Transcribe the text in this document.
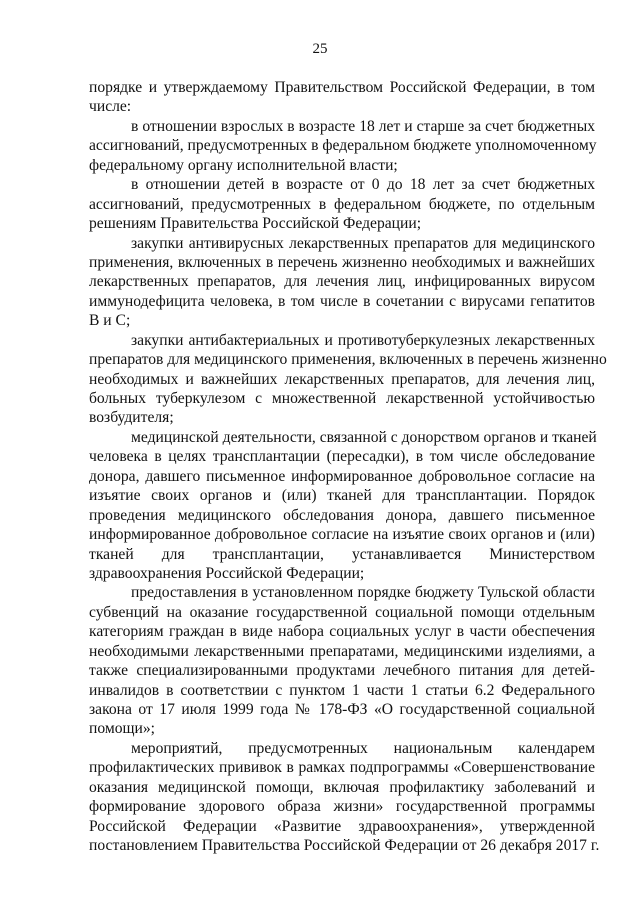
25
порядке и утверждаемому Правительством Российской Федерации, в том
числе:
в отношении взрослых в возрасте 18 лет и старше за счет бюджетных
ассигнований, предусмотренных в федеральном бюджете уполномоченному
федеральному органу исполнительной власти;
в отношении детей в возрасте от 0 до 18 лет за счет бюджетных
ассигнований, предусмотренных в федеральном бюджете, по отдельным
решениям Правительства Российской Федерации;
закупки антивирусных лекарственных препаратов для медицинского
применения, включенных в перечень жизненно необходимых и важнейших
лекарственных препаратов, для лечения лиц, инфицированных вирусом
иммунодефицита человека, в том числе в сочетании с вирусами гепатитов
В и С;
закупки антибактериальных и противотуберкулезных лекарственных
препаратов для медицинского применения, включенных в перечень жизненно
необходимых и важнейших лекарственных препаратов, для лечения лиц,
больных туберкулезом с множественной лекарственной устойчивостью
возбудителя;
медицинской деятельности, связанной с донорством органов и тканей
человека в целях трансплантации (пересадки), в том числе обследование
донора, давшего письменное информированное добровольное согласие на
изъятие своих органов и (или) тканей для трансплантации. Порядок
проведения медицинского обследования донора, давшего письменное
информированное добровольное согласие на изъятие своих органов и (или)
тканей для трансплантации, устанавливается Министерством
здравоохранения Российской Федерации;
предоставления в установленном порядке бюджету Тульской области
субвенций на оказание государственной социальной помощи отдельным
категориям граждан в виде набора социальных услуг в части обеспечения
необходимыми лекарственными препаратами, медицинскими изделиями, а
также специализированными продуктами лечебного питания для детей-
инвалидов в соответствии с пунктом 1 части 1 статьи 6.2 Федерального
закона от 17 июля 1999 года № 178-ФЗ «О государственной социальной
помощи»;
мероприятий, предусмотренных национальным календарем
профилактических прививок в рамках подпрограммы «Совершенствование
оказания медицинской помощи, включая профилактику заболеваний и
формирование здорового образа жизни» государственной программы
Российской Федерации «Развитие здравоохранения», утвержденной
постановлением Правительства Российской Федерации от 26 декабря 2017 г.
